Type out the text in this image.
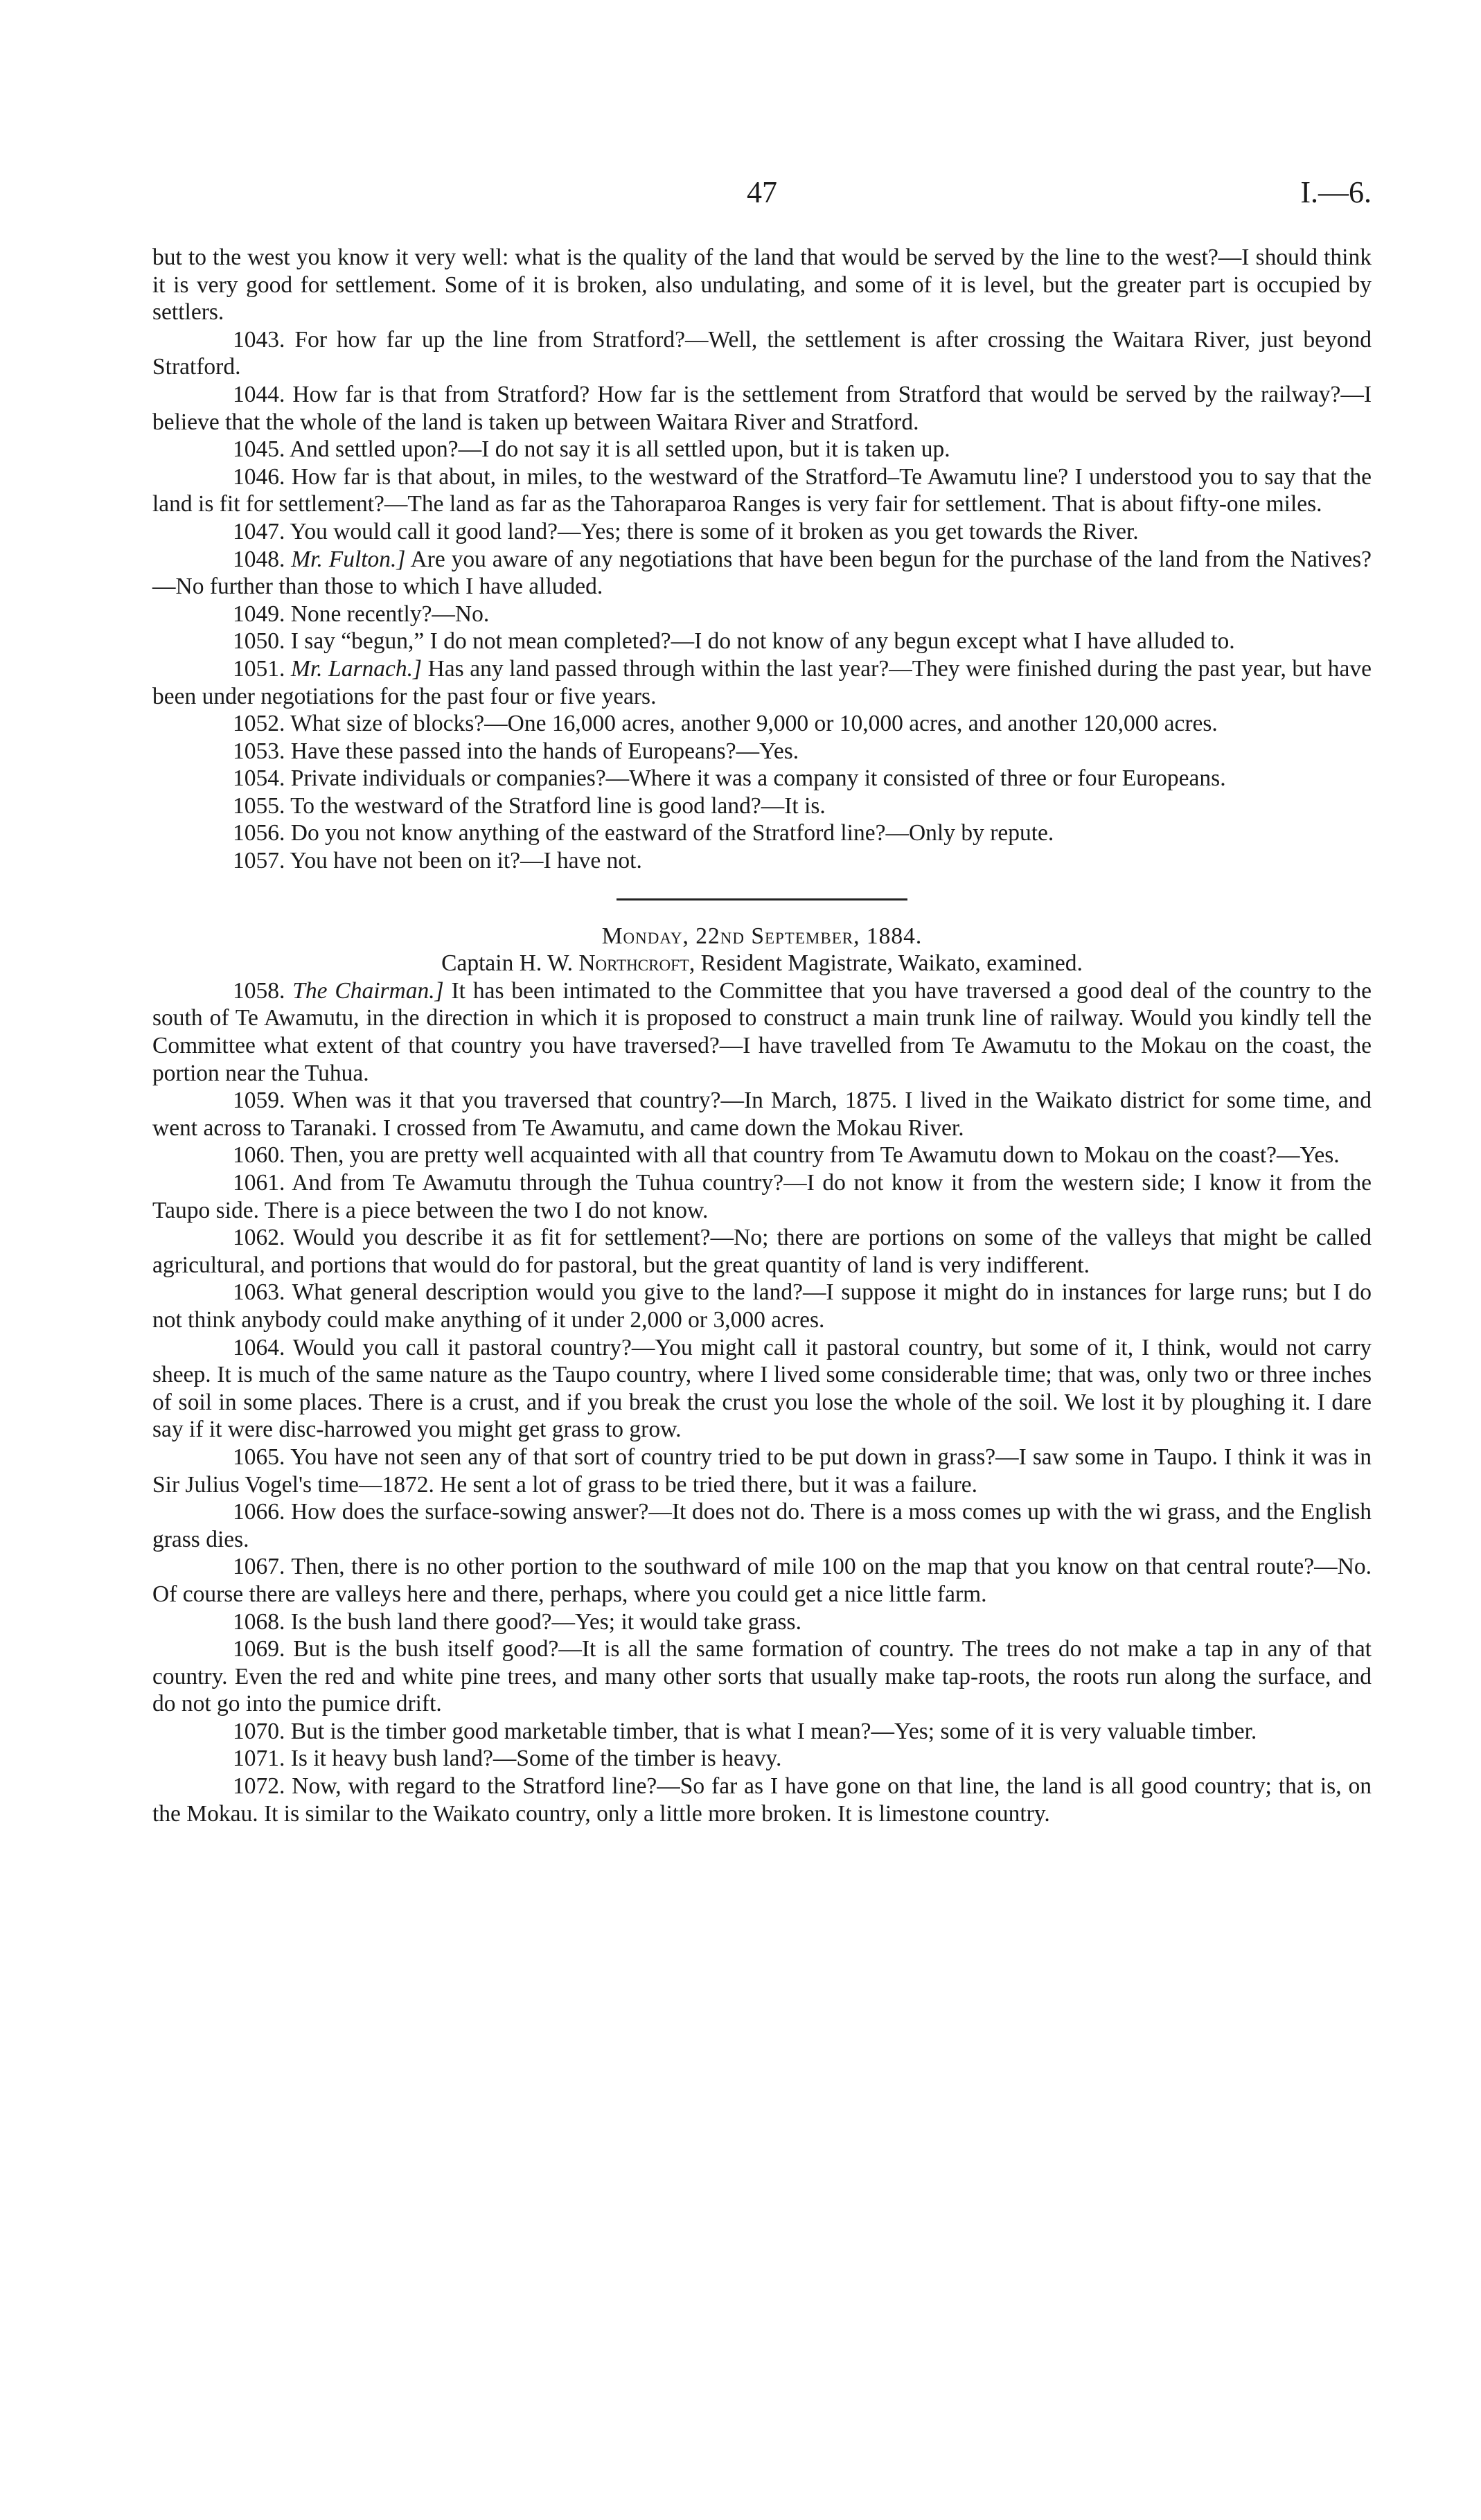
47	I.—6.

but to the west you know it very well: what is the quality of the land that would be served by the line to the west?—I should think it is very good for settlement. Some of it is broken, also undulating, and some of it is level, but the greater part is occupied by settlers.

1043. For how far up the line from Stratford?—Well, the settlement is after crossing the Waitara River, just beyond Stratford.

1044. How far is that from Stratford? How far is the settlement from Stratford that would be served by the railway?—I believe that the whole of the land is taken up between Waitara River and Stratford.

1045. And settled upon?—I do not say it is all settled upon, but it is taken up.

1046. How far is that about, in miles, to the westward of the Stratford–Te Awamutu line? I understood you to say that the land is fit for settlement?—The land as far as the Tahoraparoa Ranges is very fair for settlement. That is about fifty-one miles.

1047. You would call it good land?—Yes; there is some of it broken as you get towards the River.

1048. Mr. Fulton.] Are you aware of any negotiations that have been begun for the purchase of the land from the Natives?—No further than those to which I have alluded.

1049. None recently?—No.

1050. I say “begun,” I do not mean completed?—I do not know of any begun except what I have alluded to.

1051. Mr. Larnach.] Has any land passed through within the last year?—They were finished during the past year, but have been under negotiations for the past four or five years.

1052. What size of blocks?—One 16,000 acres, another 9,000 or 10,000 acres, and another 120,000 acres.

1053. Have these passed into the hands of Europeans?—Yes.

1054. Private individuals or companies?—Where it was a company it consisted of three or four Europeans.

1055. To the westward of the Stratford line is good land?—It is.

1056. Do you not know anything of the eastward of the Stratford line?—Only by repute.

1057. You have not been on it?—I have not.

Monday, 22nd September, 1884.

Captain H. W. Northcroft, Resident Magistrate, Waikato, examined.

1058. The Chairman.] It has been intimated to the Committee that you have traversed a good deal of the country to the south of Te Awamutu, in the direction in which it is proposed to construct a main trunk line of railway. Would you kindly tell the Committee what extent of that country you have traversed?—I have travelled from Te Awamutu to the Mokau on the coast, the portion near the Tuhua.

1059. When was it that you traversed that country?—In March, 1875. I lived in the Waikato district for some time, and went across to Taranaki. I crossed from Te Awamutu, and came down the Mokau River.

1060. Then, you are pretty well acquainted with all that country from Te Awamutu down to Mokau on the coast?—Yes.

1061. And from Te Awamutu through the Tuhua country?—I do not know it from the western side; I know it from the Taupo side. There is a piece between the two I do not know.

1062. Would you describe it as fit for settlement?—No; there are portions on some of the valleys that might be called agricultural, and portions that would do for pastoral, but the great quantity of land is very indifferent.

1063. What general description would you give to the land?—I suppose it might do in instances for large runs; but I do not think anybody could make anything of it under 2,000 or 3,000 acres.

1064. Would you call it pastoral country?—You might call it pastoral country, but some of it, I think, would not carry sheep. It is much of the same nature as the Taupo country, where I lived some considerable time; that was, only two or three inches of soil in some places. There is a crust, and if you break the crust you lose the whole of the soil. We lost it by ploughing it. I dare say if it were disc-harrowed you might get grass to grow.

1065. You have not seen any of that sort of country tried to be put down in grass?—I saw some in Taupo. I think it was in Sir Julius Vogel's time—1872. He sent a lot of grass to be tried there, but it was a failure.

1066. How does the surface-sowing answer?—It does not do. There is a moss comes up with the wi grass, and the English grass dies.

1067. Then, there is no other portion to the southward of mile 100 on the map that you know on that central route?—No. Of course there are valleys here and there, perhaps, where you could get a nice little farm.

1068. Is the bush land there good?—Yes; it would take grass.

1069. But is the bush itself good?—It is all the same formation of country. The trees do not make a tap in any of that country. Even the red and white pine trees, and many other sorts that usually make tap-roots, the roots run along the surface, and do not go into the pumice drift.

1070. But is the timber good marketable timber, that is what I mean?—Yes; some of it is very valuable timber.

1071. Is it heavy bush land?—Some of the timber is heavy.

1072. Now, with regard to the Stratford line?—So far as I have gone on that line, the land is all good country; that is, on the Mokau. It is similar to the Waikato country, only a little more broken. It is limestone country.
